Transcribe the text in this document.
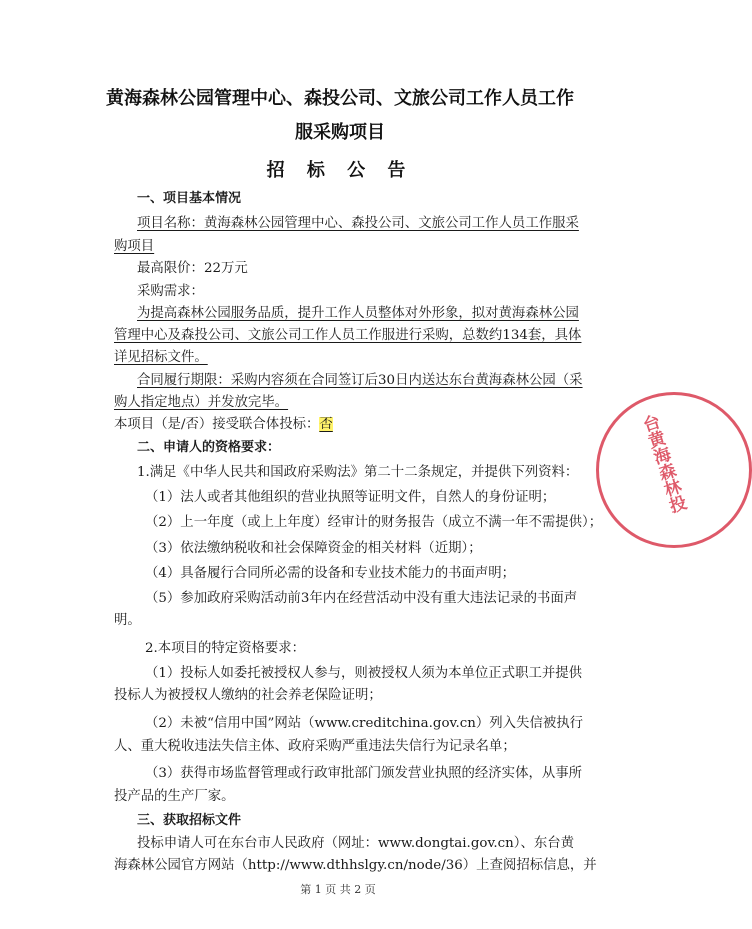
黄海森林公园管理中心、森投公司、文旅公司工作人员工作
服采购项目
招 标 公 告
一、项目基本情况
项目名称：黄海森林公园管理中心、森投公司、文旅公司工作人员工作服采
购项目
最高限价：22万元
采购需求：
为提高森林公园服务品质，提升工作人员整体对外形象，拟对黄海森林公园
管理中心及森投公司、文旅公司工作人员工作服进行采购，总数约134套，具体
详见招标文件。
合同履行期限：采购内容须在合同签订后30日内送达东台黄海森林公园（采
购人指定地点）并发放完毕。
本项目（是/否）接受联合体投标：否
二、申请人的资格要求：
1.满足《中华人民共和国政府采购法》第二十二条规定，并提供下列资料：
（1）法人或者其他组织的营业执照等证明文件，自然人的身份证明；
（2）上一年度（或上上年度）经审计的财务报告（成立不满一年不需提供）；
（3）依法缴纳税收和社会保障资金的相关材料（近期）；
（4）具备履行合同所必需的设备和专业技术能力的书面声明；
（5）参加政府采购活动前3年内在经营活动中没有重大违法记录的书面声
明。
2.本项目的特定资格要求：
（1）投标人如委托被授权人参与，则被授权人须为本单位正式职工并提供
投标人为被授权人缴纳的社会养老保险证明；
（2）未被“信用中国”网站（www.creditchina.gov.cn）列入失信被执行
人、重大税收违法失信主体、政府采购严重违法失信行为记录名单；
（3）获得市场监督管理或行政审批部门颁发营业执照的经济实体，从事所
投产品的生产厂家。
三、获取招标文件
投标申请人可在东台市人民政府（网址：www.dongtai.gov.cn）、东台黄
海森林公园官方网站（http://www.dthhslgy.cn/node/36）上查阅招标信息，并
第 1 页 共 2 页
台黄海森林投
